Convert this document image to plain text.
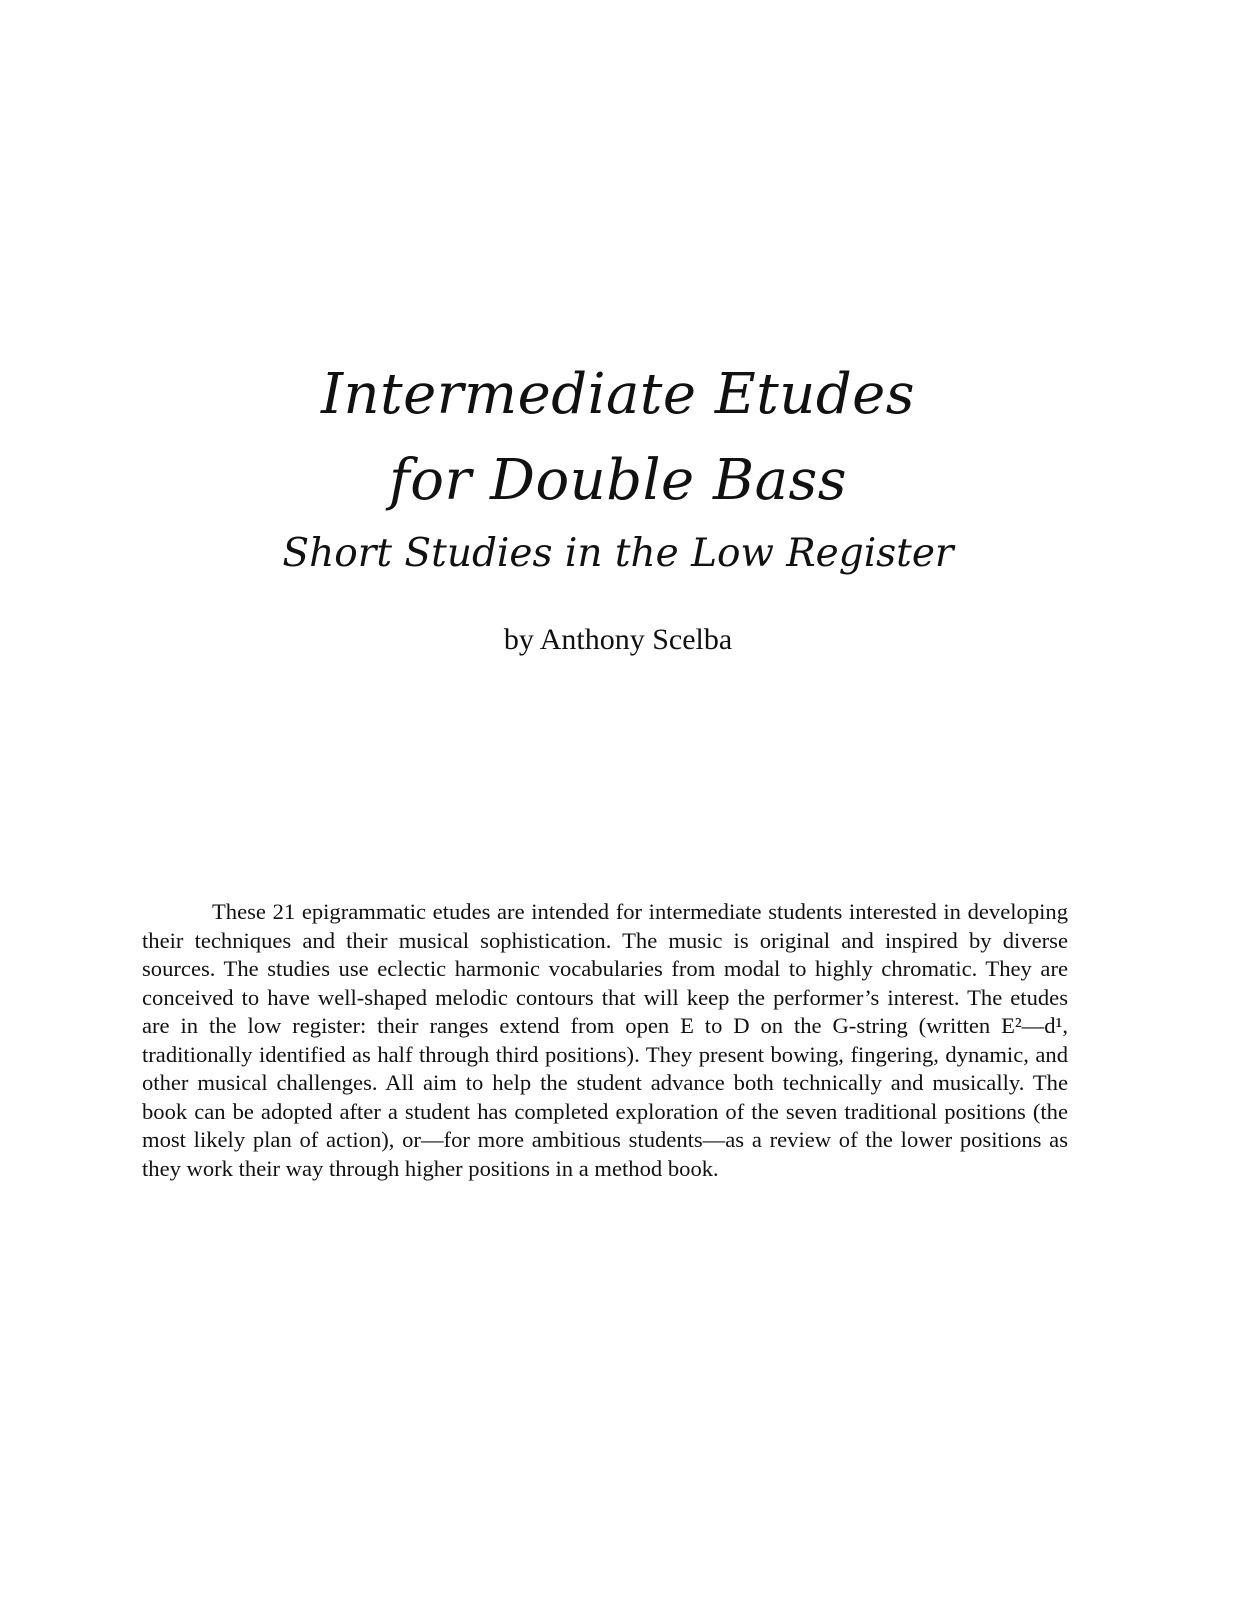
Intermediate Etudes
for Double Bass
Short Studies in the Low Register
by Anthony Scelba

These 21 epigrammatic etudes are intended for intermediate students interested in developing their techniques and their musical sophistication. The music is original and inspired by diverse sources. The studies use eclectic harmonic vocabularies from modal to highly chromatic. They are conceived to have well-shaped melodic contours that will keep the performer’s interest. The etudes are in the low register: their ranges extend from open E to D on the G-string (written E²—d¹, traditionally identified as half through third positions). They present bowing, fingering, dynamic, and other musical challenges. All aim to help the student advance both technically and musically. The book can be adopted after a student has completed exploration of the seven traditional positions (the most likely plan of action), or—for more ambitious students—as a review of the lower positions as they work their way through higher positions in a method book.
